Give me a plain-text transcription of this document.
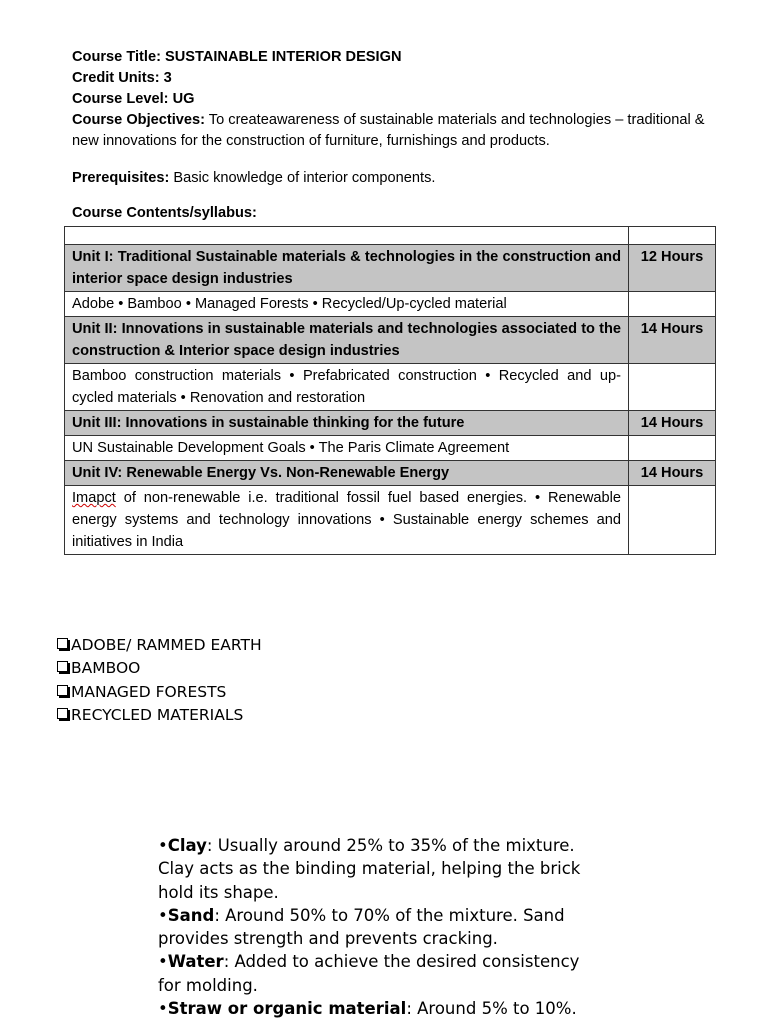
Course Title: SUSTAINABLE INTERIOR DESIGN
Credit Units: 3
Course Level: UG
Course Objectives: To createawareness of sustainable materials and technologies – traditional & new innovations for the construction of furniture, furnishings and products.
Prerequisites: Basic knowledge of interior components.
Course Contents/syllabus:

Unit I: Traditional Sustainable materials & technologies in the construction and interior space design industries	12 Hours
Adobe • Bamboo • Managed Forests • Recycled/Up-cycled material	
Unit II: Innovations in sustainable materials and technologies associated to the construction & Interior space design industries	14 Hours
Bamboo construction materials • Prefabricated construction • Recycled and up-cycled materials • Renovation and restoration	
Unit III: Innovations in sustainable thinking for the future	14 Hours
UN Sustainable Development Goals • The Paris Climate Agreement	
Unit IV: Renewable Energy Vs. Non-Renewable Energy	14 Hours
Imapct of non-renewable i.e. traditional fossil fuel based energies. • Renewable energy systems and technology innovations • Sustainable energy schemes and initiatives in India	
ADOBE/ RAMMED EARTH
BAMBOO
MANAGED FORESTS
RECYCLED MATERIALS

•Clay: Usually around 25% to 35% of the mixture. Clay acts as the binding material, helping the brick hold its shape.

•Sand: Around 50% to 70% of the mixture. Sand provides strength and prevents cracking.

•Water: Added to achieve the desired consistency for molding.

•Straw or organic material: Around 5% to 10%.
